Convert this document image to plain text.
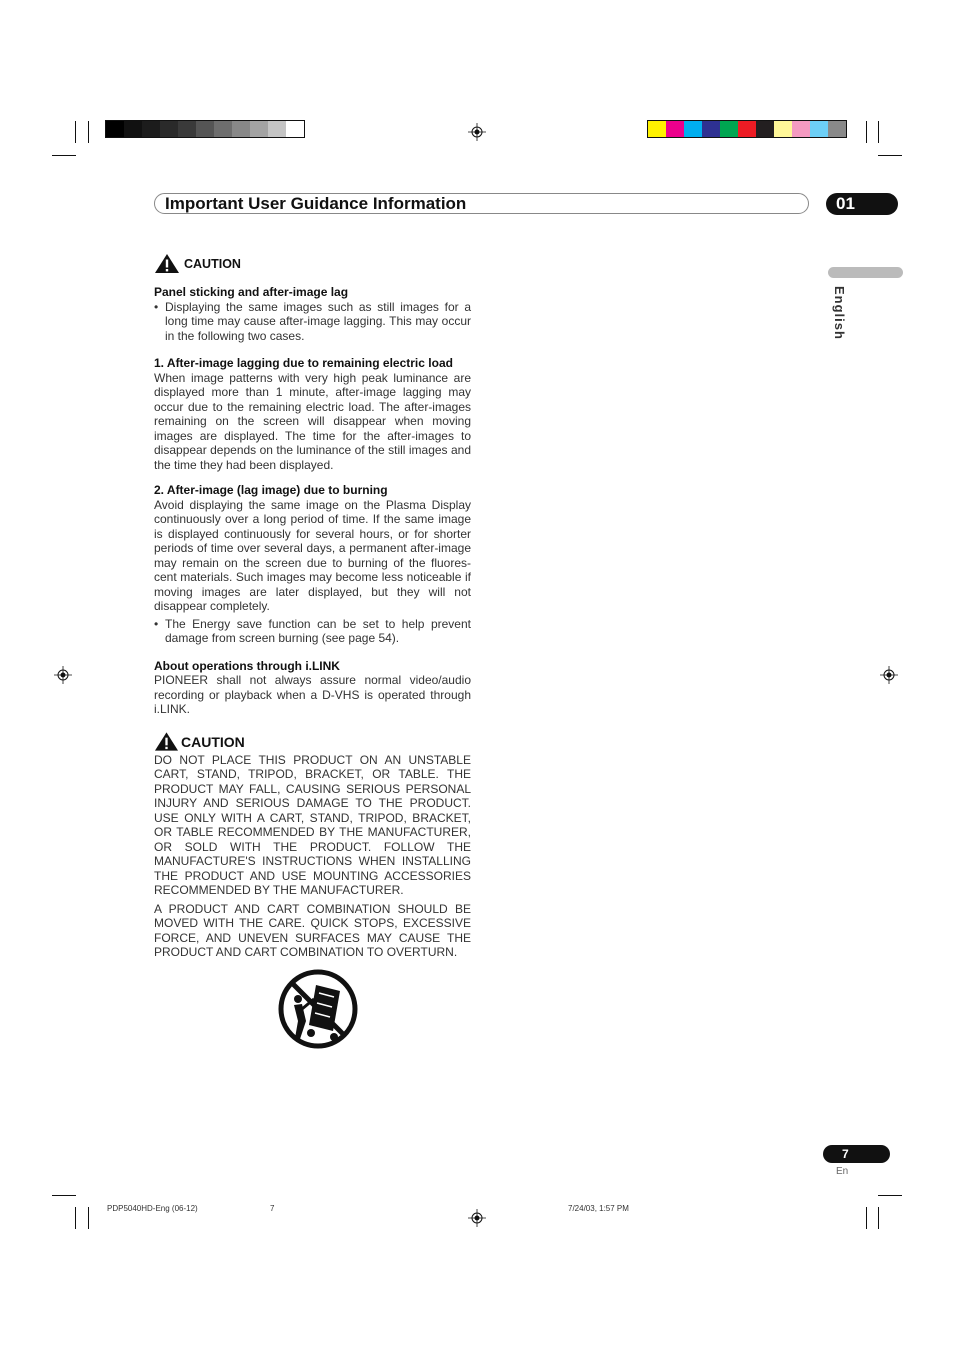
Important User Guidance Information	01
English
CAUTION
Panel sticking and after-image lag
• Displaying the same images such as still images for a long time may cause after-image lagging. This may occur in the following two cases.
1. After-image lagging due to remaining electric load

When image patterns with very high peak luminance are displayed more than 1 minute, after-image lagging may occur due to the remaining electric load. The after-images remaining on the screen will disappear when moving images are displayed. The time for the after-images to disappear depends on the luminance of the still images and the time they had been displayed.

2. After-image (lag image) due to burning

Avoid displaying the same image on the Plasma Display continuously over a long period of time. If the same image is displayed continuously for several hours, or for shorter periods of time over several days, a permanent after-image may remain on the screen due to burning of the fluores-cent materials. Such images may become less noticeable if moving images are later displayed, but they will not disappear completely.

• The Energy save function can be set to help prevent damage from screen burning (see page 54).
About operations through i.LINK

PIONEER shall not always assure normal video/audio recording or playback when a D-VHS is operated through i.LINK.

CAUTION

DO NOT PLACE THIS PRODUCT ON AN UNSTABLE CART, STAND, TRIPOD, BRACKET, OR TABLE. THE PRODUCT MAY FALL, CAUSING SERIOUS PERSONAL INJURY AND SERIOUS DAMAGE TO THE PRODUCT. USE ONLY WITH A CART, STAND, TRIPOD, BRACKET, OR TABLE RECOMMENDED BY THE MANUFACTURER, OR SOLD WITH THE PRODUCT. FOLLOW THE MANUFACTURE'S INSTRUCTIONS WHEN INSTALLING THE PRODUCT AND USE MOUNTING ACCESSORIES RECOMMENDED BY THE MANUFACTURER.

A PRODUCT AND CART COMBINATION SHOULD BE MOVED WITH THE CARE. QUICK STOPS, EXCESSIVE FORCE, AND UNEVEN SURFACES MAY CAUSE THE PRODUCT AND CART COMBINATION TO OVERTURN.

7
En
PDP5040HD-Eng (06-12)	7	7/24/03, 1:57 PM
